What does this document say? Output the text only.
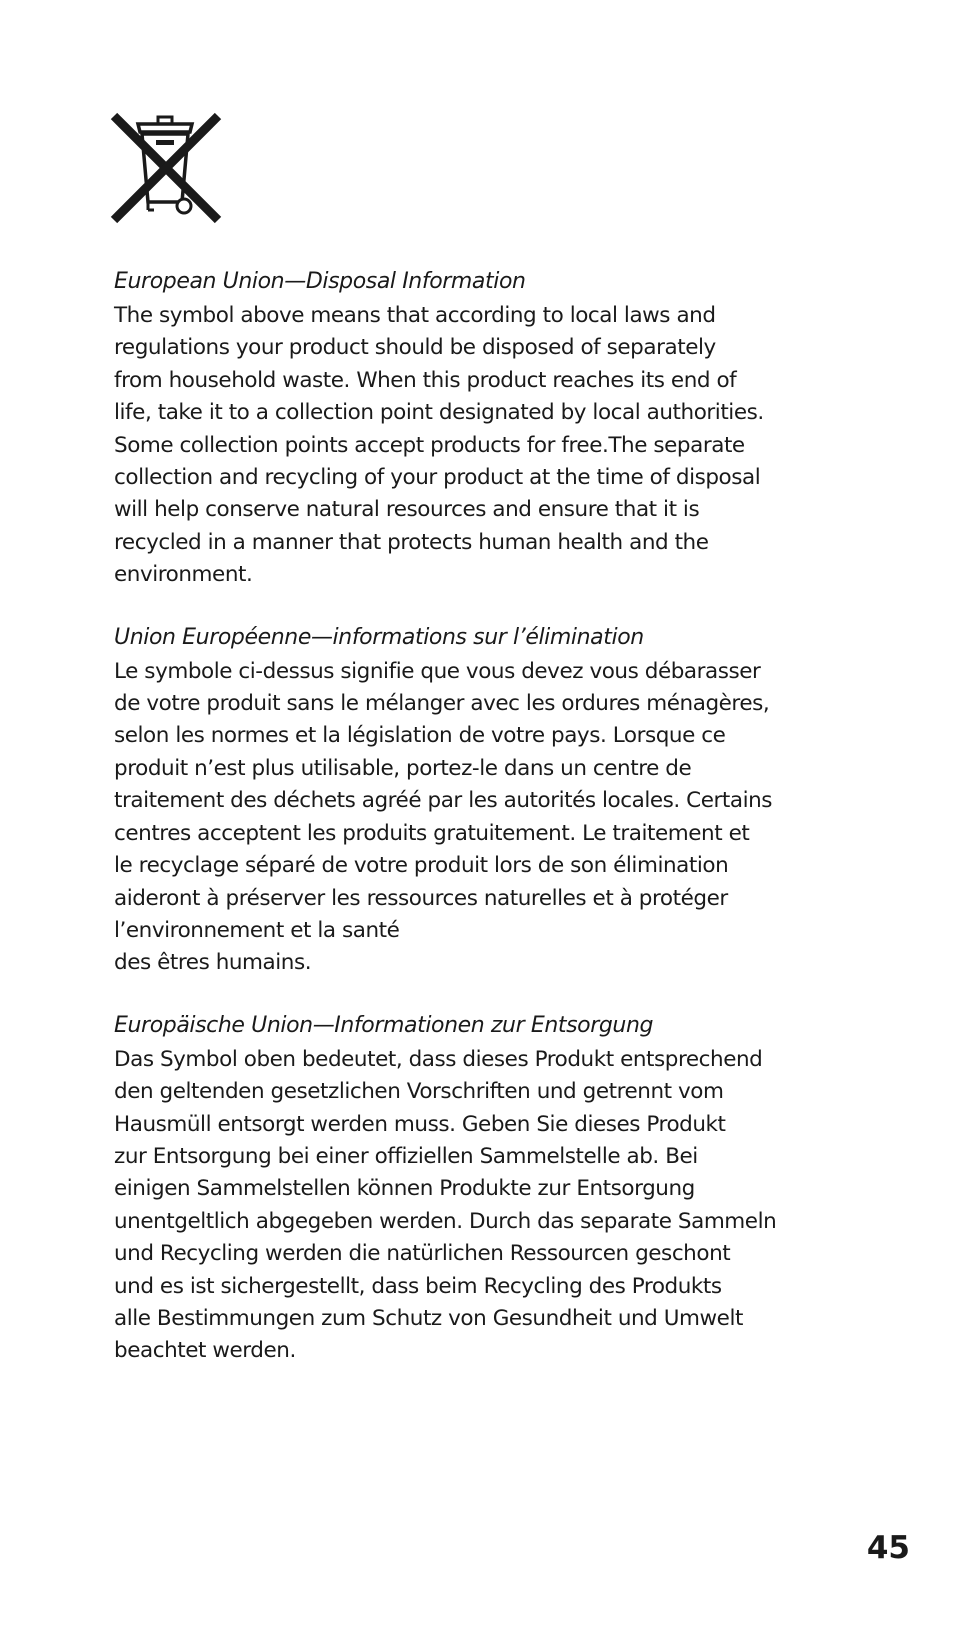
European Union—Disposal Information
The symbol above means that according to local laws and
regulations your product should be disposed of separately
from household waste. When this product reaches its end of
life, take it to a collection point designated by local authorities.
Some collection points accept products for free.The separate
collection and recycling of your product at the time of disposal
will help conserve natural resources and ensure that it is
recycled in a manner that protects human health and the
environment.
Union Européenne—informations sur l’élimination
Le symbole ci-dessus signifie que vous devez vous débarasser
de votre produit sans le mélanger avec les ordures ménagères,
selon les normes et la législation de votre pays. Lorsque ce
produit n’est plus utilisable, portez-le dans un centre de
traitement des déchets agréé par les autorités locales. Certains
centres acceptent les produits gratuitement. Le traitement et
le recyclage séparé de votre produit lors de son élimination
aideront à préserver les ressources naturelles et à protéger
l’environnement et la santé
des êtres humains.
Europäische Union—Informationen zur Entsorgung
Das Symbol oben bedeutet, dass dieses Produkt entsprechend
den geltenden gesetzlichen Vorschriften und getrennt vom
Hausmüll entsorgt werden muss. Geben Sie dieses Produkt
zur Entsorgung bei einer offiziellen Sammelstelle ab. Bei
einigen Sammelstellen können Produkte zur Entsorgung
unentgeltlich abgegeben werden. Durch das separate Sammeln
und Recycling werden die natürlichen Ressourcen geschont
und es ist sichergestellt, dass beim Recycling des Produkts
alle Bestimmungen zum Schutz von Gesundheit und Umwelt
beachtet werden.
45
